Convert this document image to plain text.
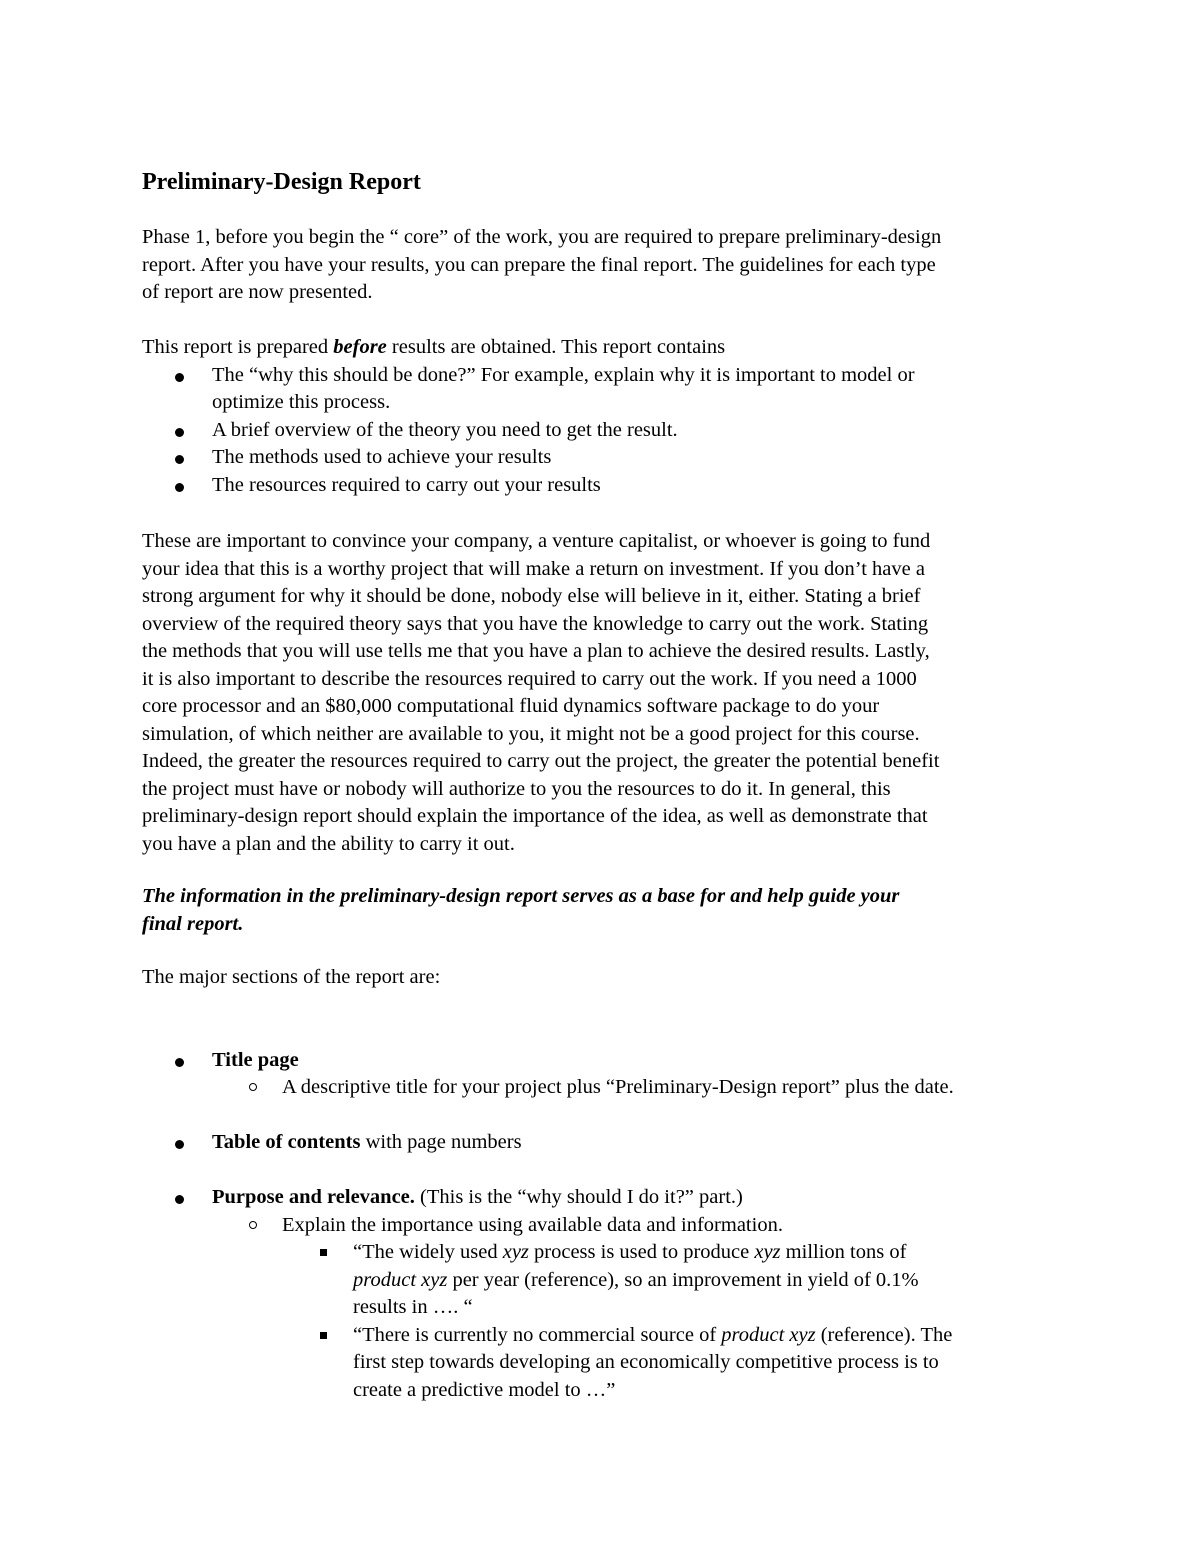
Preliminary-Design Report
Phase 1, before you begin the “ core” of the work, you are required to prepare preliminary-design
report. After you have your results, you can prepare the final report. The guidelines for each type
of report are now presented.
This report is prepared before results are obtained. This report contains
The “why this should be done?” For example, explain why it is important to model or
optimize this process.
A brief overview of the theory you need to get the result.
The methods used to achieve your results
The resources required to carry out your results
These are important to convince your company, a venture capitalist, or whoever is going to fund
your idea that this is a worthy project that will make a return on investment. If you don’t have a
strong argument for why it should be done, nobody else will believe in it, either. Stating a brief
overview of the required theory says that you have the knowledge to carry out the work. Stating
the methods that you will use tells me that you have a plan to achieve the desired results. Lastly,
it is also important to describe the resources required to carry out the work. If you need a 1000
core processor and an $80,000 computational fluid dynamics software package to do your
simulation, of which neither are available to you, it might not be a good project for this course.
Indeed, the greater the resources required to carry out the project, the greater the potential benefit
the project must have or nobody will authorize to you the resources to do it. In general, this
preliminary-design report should explain the importance of the idea, as well as demonstrate that
you have a plan and the ability to carry it out.
The information in the preliminary-design report serves as a base for and help guide your
final report.
The major sections of the report are:
Title page
A descriptive title for your project plus “Preliminary-Design report” plus the date.
Table of contents with page numbers
Purpose and relevance. (This is the “why should I do it?” part.)
Explain the importance using available data and information.
“The widely used xyz process is used to produce xyz million tons of
product xyz per year (reference), so an improvement in yield of 0.1%
results in …. “
“There is currently no commercial source of product xyz (reference). The
first step towards developing an economically competitive process is to
create a predictive model to …”
